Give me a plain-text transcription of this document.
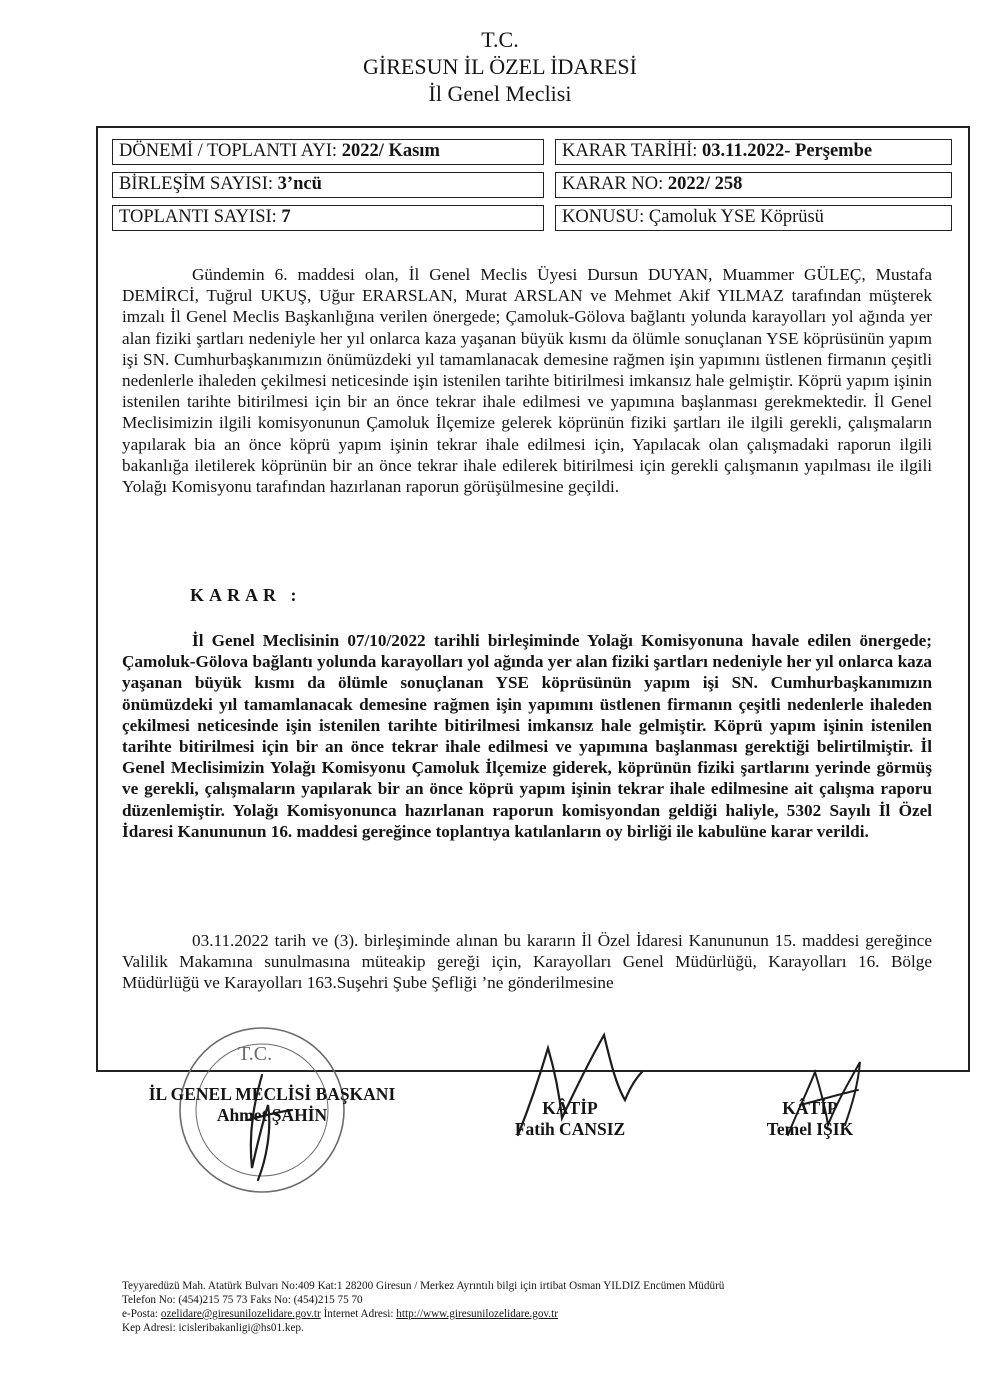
T.C.
GİRESUN İL ÖZEL İDARESİ
İl Genel Meclisi
DÖNEMİ / TOPLANTI AYI: 2022/ Kasım	KARAR TARİHİ: 03.11.2022- Perşembe
BİRLEŞİM SAYISI: 3’ncü	KARAR NO: 2022/ 258
TOPLANTI SAYISI: 7	KONUSU: Çamoluk YSE Köprüsü
Gündemin 6. maddesi olan, İl Genel Meclis Üyesi Dursun DUYAN, Muammer GÜLEÇ, Mustafa DEMİRCİ, Tuğrul UKUŞ, Uğur ERARSLAN, Murat ARSLAN ve Mehmet Akif YILMAZ tarafından müşterek imzalı İl Genel Meclis Başkanlığına verilen önergede; Çamoluk-Gölova bağlantı yolunda karayolları yol ağında yer alan fiziki şartları nedeniyle her yıl onlarca kaza yaşanan büyük kısmı da ölümle sonuçlanan YSE köprüsünün yapım işi SN. Cumhurbaşkanımızın önümüzdeki yıl tamamlanacak demesine rağmen işin yapımını üstlenen firmanın çeşitli nedenlerle ihaleden çekilmesi neticesinde işin istenilen tarihte bitirilmesi imkansız hale gelmiştir. Köprü yapım işinin istenilen tarihte bitirilmesi için bir an önce tekrar ihale edilmesi ve yapımına başlanması gerekmektedir. İl Genel Meclisimizin ilgili komisyonunun Çamoluk İlçemize gelerek köprünün fiziki şartları ile ilgili gerekli, çalışmaların yapılarak bia an önce köprü yapım işinin tekrar ihale edilmesi için, Yapılacak olan çalışmadaki raporun ilgili bakanlığa iletilerek köprünün bir an önce tekrar ihale edilerek bitirilmesi için gerekli çalışmanın yapılması ile ilgili Yolağı Komisyonu tarafından hazırlanan raporun görüşülmesine geçildi.
KARAR :
İl Genel Meclisinin 07/10/2022 tarihli birleşiminde Yolağı Komisyonuna havale edilen önergede; Çamoluk-Gölova bağlantı yolunda karayolları yol ağında yer alan fiziki şartları nedeniyle her yıl onlarca kaza yaşanan büyük kısmı da ölümle sonuçlanan YSE köprüsünün yapım işi SN. Cumhurbaşkanımızın önümüzdeki yıl tamamlanacak demesine rağmen işin yapımını üstlenen firmanın çeşitli nedenlerle ihaleden çekilmesi neticesinde işin istenilen tarihte bitirilmesi imkansız hale gelmiştir. Köprü yapım işinin istenilen tarihte bitirilmesi için bir an önce tekrar ihale edilmesi ve yapımına başlanması gerektiği belirtilmiştir. İl Genel Meclisimizin Yolağı Komisyonu Çamoluk İlçemize giderek, köprünün fiziki şartlarını yerinde görmüş ve gerekli, çalışmaların yapılarak bir an önce köprü yapım işinin tekrar ihale edilmesine ait çalışma raporu düzenlemiştir. Yolağı Komisyonunca hazırlanan raporun komisyondan geldiği haliyle, 5302 Sayılı İl Özel İdaresi Kanununun 16. maddesi gereğince toplantıya katılanların oy birliği ile kabulüne karar verildi.
03.11.2022 tarih ve (3). birleşiminde alınan bu kararın İl Özel İdaresi Kanununun 15. maddesi gereğince Valilik Makamına sunulmasına müteakip gereği için, Karayolları Genel Müdürlüğü, Karayolları 16. Bölge Müdürlüğü ve Karayolları 163.Suşehri Şube Şefliği ’ne gönderilmesine
T.C.
İL GENEL MECLİSİ BAŞKANI
Ahmet ŞAHİN	KÂTİP
Fatih CANSIZ
KÂTİP
Temel IŞIK
Teyyaredüzü Mah. Atatürk Bulvarı No:409 Kat:1 28200 Giresun / Merkez Ayrıntılı bilgi için irtibat Osman YILDIZ Encümen Müdürü
Telefon No: (454)215 75 73 Faks No: (454)215 75 70
e-Posta: ozelidare@giresunilozelidare.gov.tr İnternet Adresi: http://www.giresunilozelidare.gov.tr
Kep Adresi: icisleribakanligi@hs01.kep.
